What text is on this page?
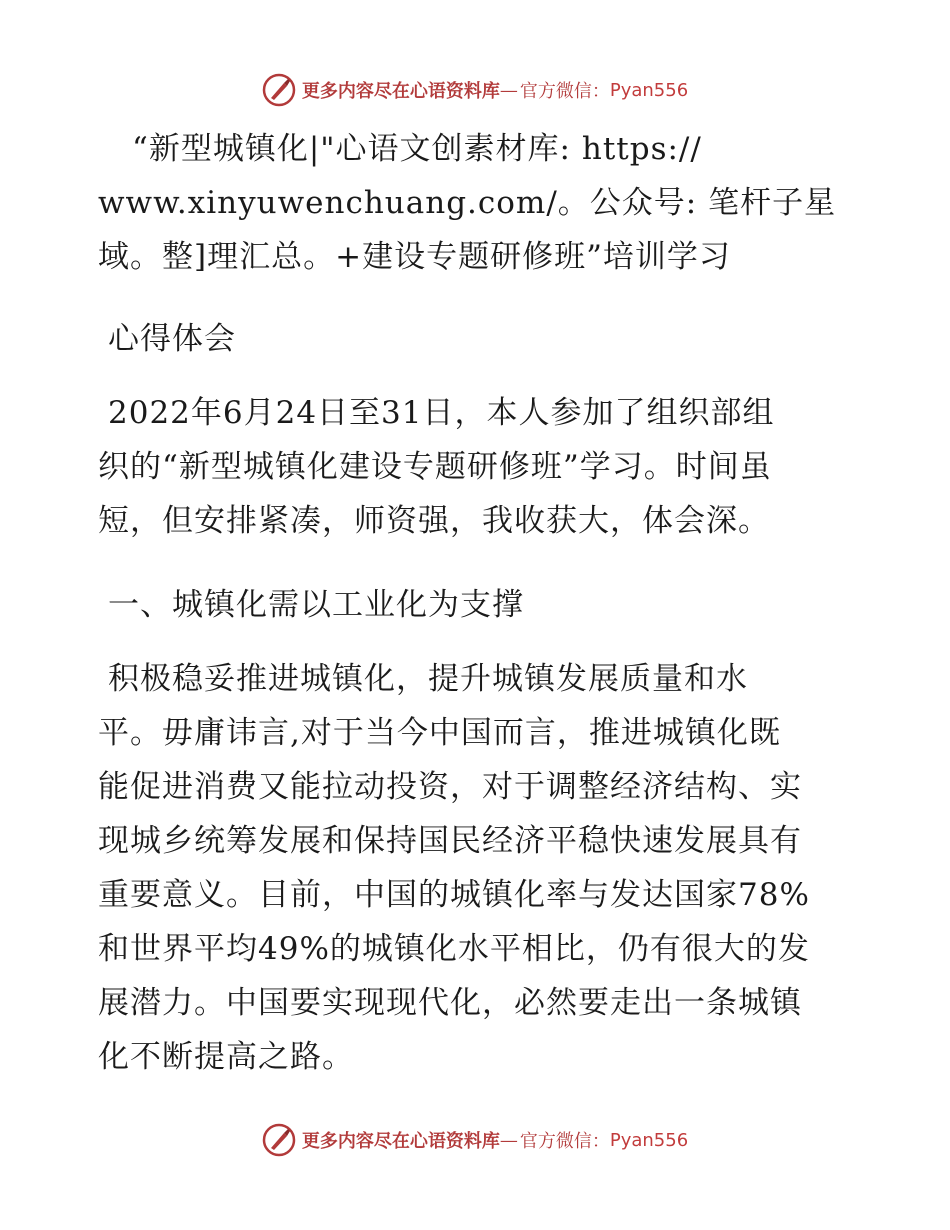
更多内容尽在心语资料库 — 官方微信： Pyan556
“新型城镇化|"心语文创素材库: https://
www.xinyuwenchuang.com/。公众号: 笔杆子星
域。整]理汇总。+建设专题研修班”培训学习
心得体会
2022年6月24日至31日，本人参加了组织部组
织的“新型城镇化建设专题研修班”学习。时间虽
短，但安排紧凑，师资强，我收获大，体会深。
一、城镇化需以工业化为支撑
积极稳妥推进城镇化，提升城镇发展质量和水
平。毋庸讳言,对于当今中国而言，推进城镇化既
能促进消费又能拉动投资，对于调整经济结构、实
现城乡统筹发展和保持国民经济平稳快速发展具有
重要意义。目前，中国的城镇化率与发达国家78%
和世界平均49%的城镇化水平相比，仍有很大的发
展潜力。中国要实现现代化，必然要走出一条城镇
化不断提高之路。
更多内容尽在心语资料库 — 官方微信： Pyan556
